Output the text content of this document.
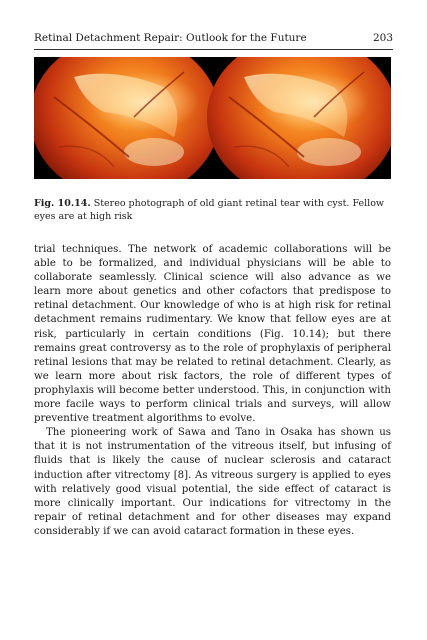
Retinal Detachment Repair: Outlook for the Future	203
Fig. 10.14. Stereo photograph of old giant retinal tear with cyst. Fellow eyes are at high risk

trial techniques. The network of academic collaborations will be able to be formalized, and individual physicians will be able to collaborate seamlessly. Clinical science will also advance as we learn more about genetics and other cofactors that predispose to retinal detachment. Our knowledge of who is at high risk for retinal detachment remains rudimentary. We know that fellow eyes are at risk, particularly in certain conditions (Fig. 10.14); but there remains great controversy as to the role of prophylaxis of peripheral retinal lesions that may be related to retinal detachment. Clearly, as we learn more about risk factors, the role of different types of prophylaxis will become better understood. This, in conjunction with more facile ways to perform clinical trials and surveys, will allow preventive treatment algorithms to evolve.

The pioneering work of Sawa and Tano in Osaka has shown us that it is not instrumentation of the vitreous itself, but infusing of fluids that is likely the cause of nuclear sclerosis and cataract induction after vitrectomy [8]. As vitreous surgery is applied to eyes with relatively good visual potential, the side effect of cataract is more clinically important. Our indications for vitrectomy in the repair of retinal detachment and for other diseases may expand considerably if we can avoid cataract formation in these eyes.
